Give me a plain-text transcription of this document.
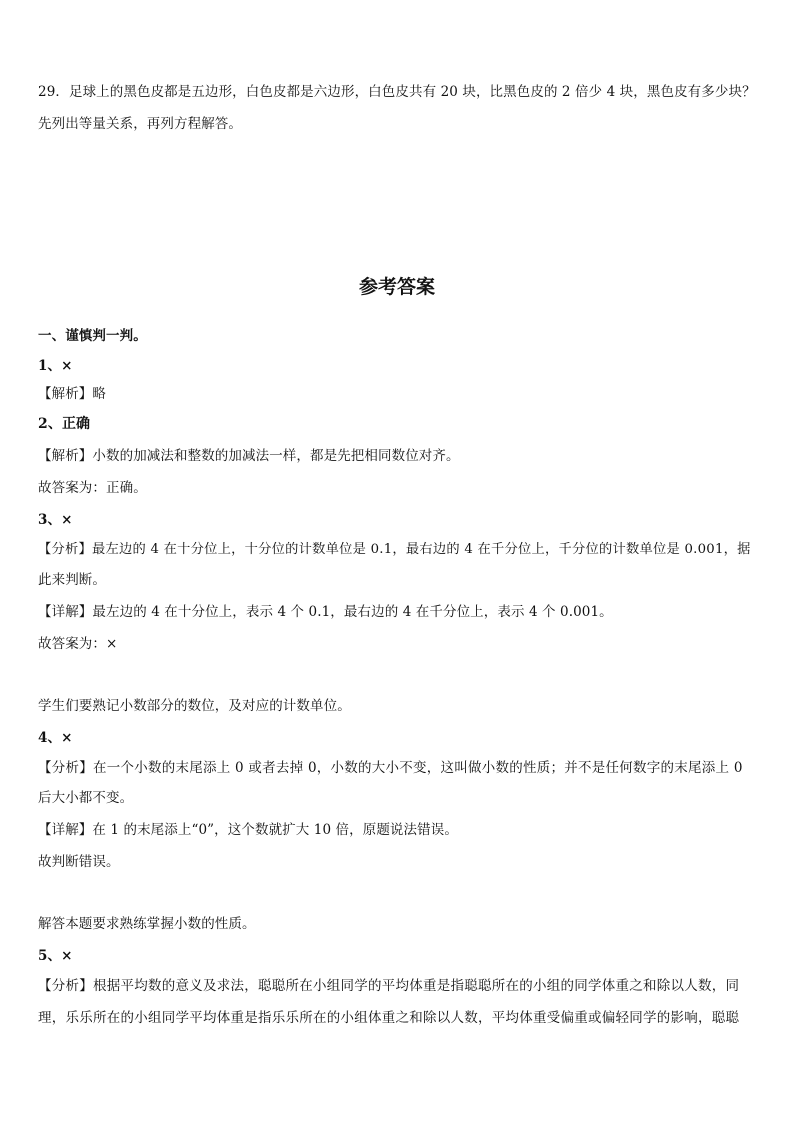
29．足球上的黑色皮都是五边形，白色皮都是六边形，白色皮共有 20 块，比黑色皮的 2 倍少 4 块，黑色皮有多少块？
先列出等量关系，再列方程解答。
参考答案
一、谨慎判一判。
1、×
【解析】略
2、正确
【解析】小数的加减法和整数的加减法一样，都是先把相同数位对齐。
故答案为：正确。
3、×
【分析】最左边的 4 在十分位上，十分位的计数单位是 0.1，最右边的 4 在千分位上，千分位的计数单位是 0.001，据
此来判断。
【详解】最左边的 4 在十分位上，表示 4 个 0.1，最右边的 4 在千分位上，表示 4 个 0.001。
故答案为：×
学生们要熟记小数部分的数位，及对应的计数单位。
4、×
【分析】在一个小数的末尾添上 0 或者去掉 0，小数的大小不变，这叫做小数的性质；并不是任何数字的末尾添上 0
后大小都不变。
【详解】在 1 的末尾添上“0”，这个数就扩大 10 倍，原题说法错误。
故判断错误。
解答本题要求熟练掌握小数的性质。
5、×
【分析】根据平均数的意义及求法，聪聪所在小组同学的平均体重是指聪聪所在的小组的同学体重之和除以人数，同
理，乐乐所在的小组同学平均体重是指乐乐所在的小组体重之和除以人数，平均体重受偏重或偏轻同学的影响，聪聪
